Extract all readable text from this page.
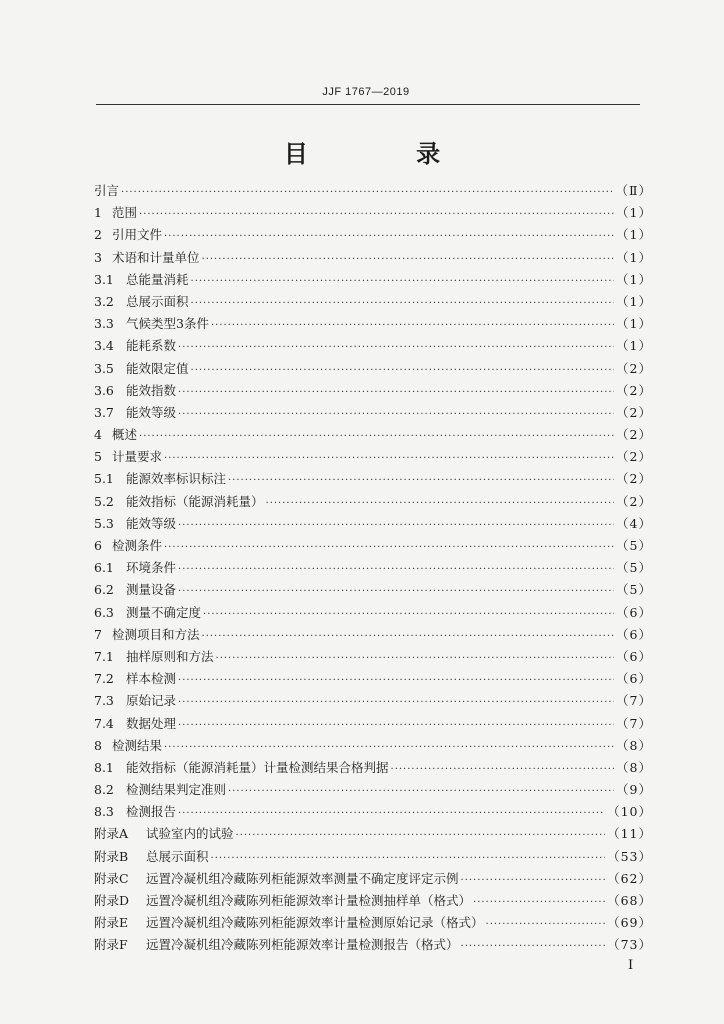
JJF 1767—2019
目 录
引言 ·····	（Ⅱ）
1 范围 ·····	（1）
2 引用文件 ·····	（1）
3 术语和计量单位 ·····	（1）
3.1 总能量消耗 ·····	（1）
3.2 总展示面积 ·····	（1）
3.3 气候类型3条件 ·····	（1）
3.4 能耗系数 ·····	（1）
3.5 能效限定值 ·····	（2）
3.6 能效指数 ·····	（2）
3.7 能效等级 ·····	（2）
4 概述 ·····	（2）
5 计量要求 ·····	（2）
5.1 能源效率标识标注 ·····	（2）
5.2 能效指标（能源消耗量） ·····	（2）
5.3 能效等级 ·····	（4）
6 检测条件 ·····	（5）
6.1 环境条件 ·····	（5）
6.2 测量设备 ·····	（5）
6.3 测量不确定度 ·····	（6）
7 检测项目和方法 ·····	（6）
7.1 抽样原则和方法 ·····	（6）
7.2 样本检测 ·····	（6）
7.3 原始记录 ·····	（7）
7.4 数据处理 ·····	（7）
8 检测结果 ·····	（8）
8.1 能效指标（能源消耗量）计量检测结果合格判据 ·····	（8）
8.2 检测结果判定准则 ·····	（9）
8.3 检测报告 ·····	（10）
附录A	试验室内的试验 ·····	（11）
附录B	总展示面积 ·····	（53）
附录C	远置冷凝机组冷藏陈列柜能源效率测量不确定度评定示例 ·····	（62）
附录D	远置冷凝机组冷藏陈列柜能源效率计量检测抽样单（格式） ·····	（68）
附录E	远置冷凝机组冷藏陈列柜能源效率计量检测原始记录（格式） ·····	（69）
附录F	远置冷凝机组冷藏陈列柜能源效率计量检测报告（格式） ·····	（73）
Ⅰ
